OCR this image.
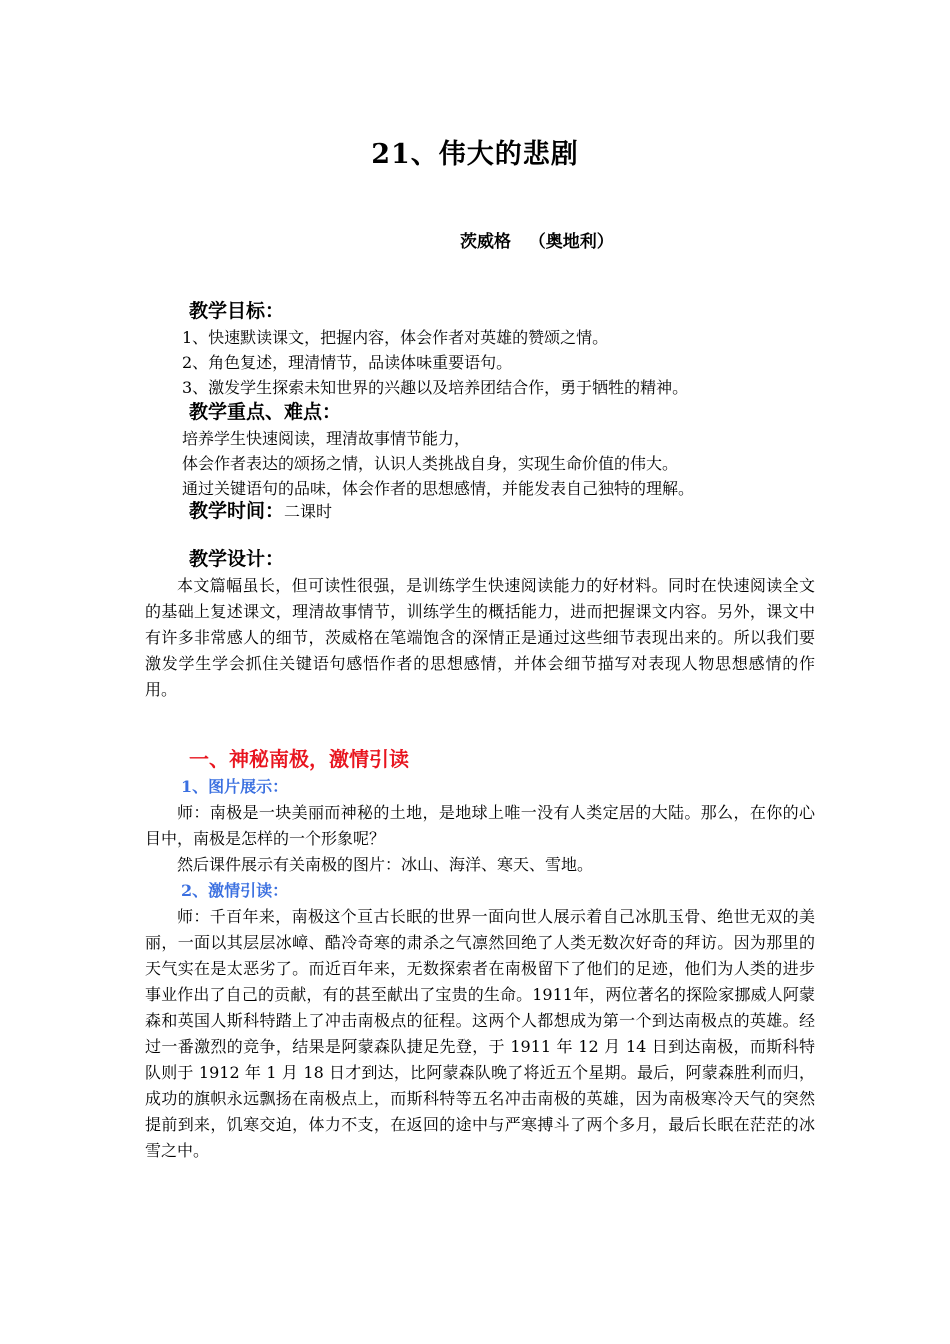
21、伟大的悲剧
茨威格   （奥地利）
教学目标：
1、快速默读课文，把握内容，体会作者对英雄的赞颂之情。
2、角色复述，理清情节，品读体味重要语句。
3、激发学生探索未知世界的兴趣以及培养团结合作，勇于牺牲的精神。
教学重点、难点：
培养学生快速阅读，理清故事情节能力，
体会作者表达的颂扬之情，认识人类挑战自身，实现生命价值的伟大。
通过关键语句的品味，体会作者的思想感情，并能发表自己独特的理解。
教学时间：二课时
教学设计：

本文篇幅虽长，但可读性很强，是训练学生快速阅读能力的好材料。同时在快速阅读全文的基础上复述课文，理清故事情节，训练学生的概括能力，进而把握课文内容。另外，课文中有许多非常感人的细节，茨威格在笔端饱含的深情正是通过这些细节表现出来的。所以我们要激发学生学会抓住关键语句感悟作者的思想感情，并体会细节描写对表现人物思想感情的作用。

一、神秘南极，激情引读
1、图片展示：

师：南极是一块美丽而神秘的土地，是地球上唯一没有人类定居的大陆。那么，在你的心目中，南极是怎样的一个形象呢？

然后课件展示有关南极的图片：冰山、海洋、寒天、雪地。

2、激情引读：

师：千百年来，南极这个亘古长眠的世界一面向世人展示着自己冰肌玉骨、绝世无双的美丽，一面以其层层冰嶂、酷冷奇寒的肃杀之气凛然回绝了人类无数次好奇的拜访。因为那里的天气实在是太恶劣了。而近百年来，无数探索者在南极留下了他们的足迹，他们为人类的进步事业作出了自己的贡献，有的甚至献出了宝贵的生命。1911年，两位著名的探险家挪威人阿蒙森和英国人斯科特踏上了冲击南极点的征程。这两个人都想成为第一个到达南极点的英雄。经过一番激烈的竞争，结果是阿蒙森队捷足先登，于 1911 年 12 月 14 日到达南极，而斯科特队则于 1912 年 1 月 18 日才到达，比阿蒙森队晚了将近五个星期。最后，阿蒙森胜利而归，成功的旗帜永远飘扬在南极点上，而斯科特等五名冲击南极的英雄，因为南极寒冷天气的突然提前到来，饥寒交迫，体力不支，在返回的途中与严寒搏斗了两个多月，最后长眠在茫茫的冰雪之中。
